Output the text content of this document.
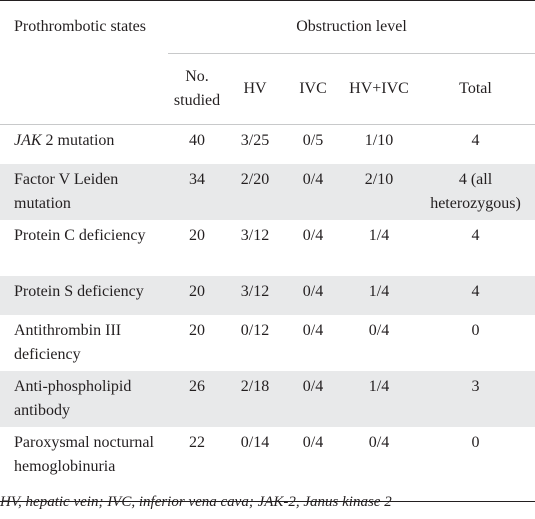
Prothrombotic states	Obstruction level				
	No. studied	HV	IVC	HV+IVC	Total
JAK 2 mutation	40	3/25	0/5	1/10	4
Factor V Leiden mutation	34	2/20	0/4	2/10	4 (all heterozygous)
Protein C deficiency	20	3/12	0/4	1/4	4
Protein S deficiency	20	3/12	0/4	1/4	4
Antithrombin III deficiency	20	0/12	0/4	0/4	0
Anti-phospholipid antibody	26	2/18	0/4	1/4	3
Paroxysmal nocturnal hemoglobinuria	22	0/14	0/4	0/4	0
HV, hepatic vein; IVC, inferior vena cava; JAK-2, Janus kinase 2
